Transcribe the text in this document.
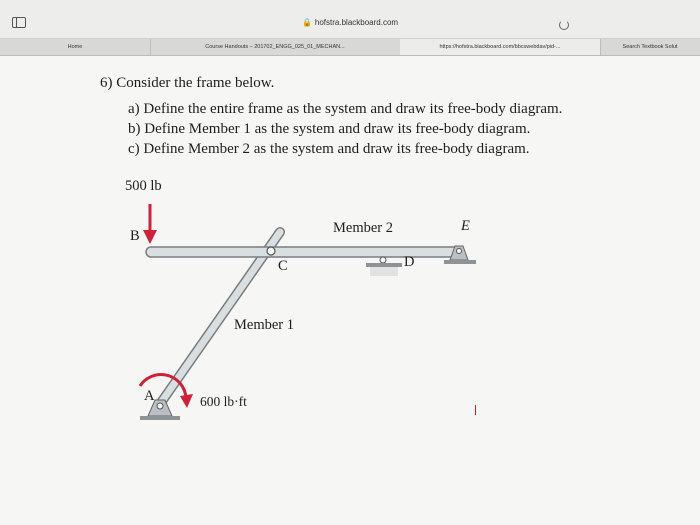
🔒 hofstra.blackboard.com
Home	Course Handouts – 201702_ENGG_025_01_MECHAN...	https://hofstra.blackboard.com/bbcswebdav/pid-...	Search Textbook Solut
6) Consider the frame below.
a) Define the entire frame as the system and draw its free-body diagram.
b) Define Member 1 as the system and draw its free-body diagram.
c) Define Member 2 as the system and draw its free-body diagram.
500 lb
B	Member 2	E
C	D
Member 1
A	600 lb·ft
